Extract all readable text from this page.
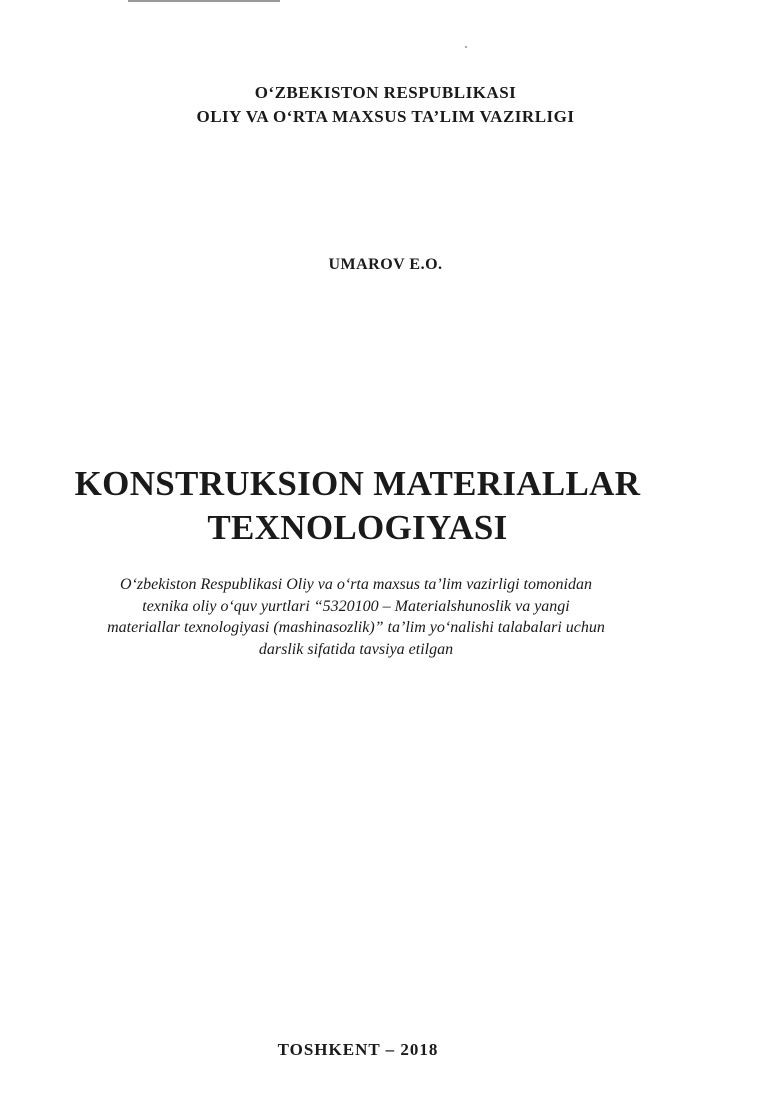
O‘ZBEKISTON RESPUBLIKASI
OLIY VA O‘RTA MAXSUS TA’LIM VAZIRLIGI
UMAROV E.O.
KONSTRUKSION MATERIALLAR
TEXNOLOGIYASI
O‘zbekiston Respublikasi Oliy va o‘rta maxsus ta’lim vazirligi tomonidan
texnika oliy o‘quv yurtlari “5320100 – Materialshunoslik va yangi
materiallar texnologiyasi (mashinasozlik)” ta’lim yo‘nalishi talabalari uchun
darslik sifatida tavsiya etilgan
TOSHKENT – 2018
